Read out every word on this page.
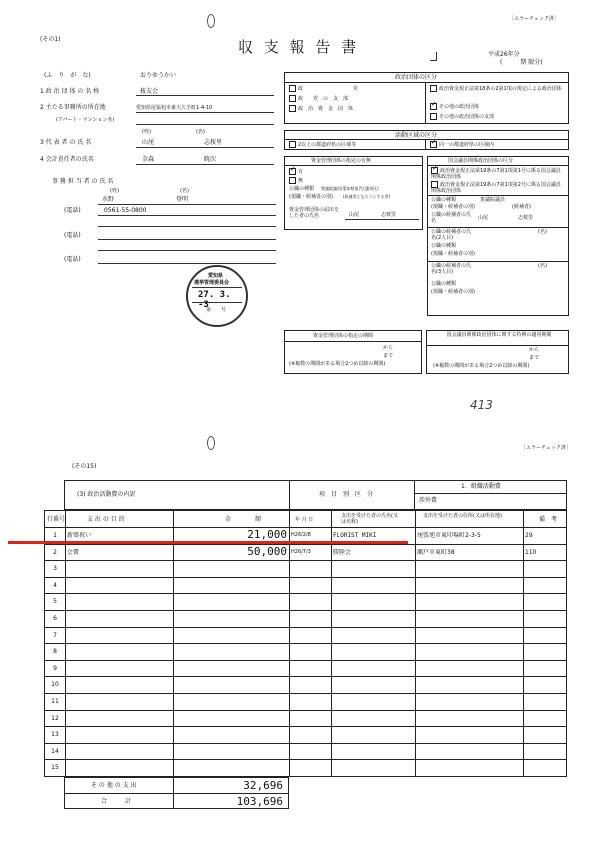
［エラーチェック済］
(その1)	収 支 報 告 書	平成26年分
(　　　期 限分)
(ふ　り　が　な)	おりゆうかい
1 政 治 団 体 の 名 称	桜友会
2 主たる事務所の所在地	愛知県尾張旭市東大久手町1-4-10
(アパート・マンション名)
(姓)	(名)
3 代 表 者 の 氏 名	山尾	志桜里
4 会計責任者の氏名	金森	暁次
事 務 担 当 者 の 氏 名
(姓)	(名)
水野	登明
(電話)	0561-55-0800
(電話)
(電話)
愛知県
選挙管理委員会
27. 3. -3
第　　号
政治団体の区分
政　　　　　　　　　　党
政　　党　の　支　部
政　治　資　金　団　体
政治資金規正法第18条の2第1項の規定による政治団体
✓ その他の政治団体
その他の政治団体の支部
活動区域の区分
2以上の都道府県の区域等	✓ 同一の都道府県の区域内
資金管理団体の指定の有無
✓ 有
無
公職の種類 衆議院議員(愛知県第7区選挙区)
(現職・候補者の別)	(候補者となろうとする者)
資金管理団体の届出をした者の氏名	山尾	志桜里
国会議員関係政治団体の区分
✓ 政治資金規正法第19条の7第1項第1号に係る国会議員関係政治団体
政治資金規正法第19条の7第1項第2号に係る国会議員関係政治団体
公職の種類	衆議院議員
(現職・候補者の別)	(候補者)
公職の候補者の氏名	山尾	志桜里
公職の候補者の氏名(2人目)
(名)
公職の種類
(現職・候補者の別)
公職の候補者の氏名(3人目)
(名)
公職の種類
(現職・候補者の別)
資金管理団体の指定の期間
から
まで
(※複数の期間がある場合2つめ以降の期間)
国会議員関係政治団体に関する特例の適用期間
から
まで
(※複数の期間がある場合2つめ以降の期間)
413
［エラーチェック済］
(その15)
(3) 政治活動費の内訳	項　目　別　区　分
1．組織活動費
渉外費
行番号	支 出 の 目 的	金　　　　額	年 月 日
支出を受けた者の氏名(又は名称)
支出を受けた者の住所(又は所在地)	備　考
1	新築祝い	21,000 H26/2/8	FLORIST MIKI	尾張旭市東印場町2-3-5	29
2	会費	50,000 H26/7/3	勝陸会	瀬戸市東町38	110
3
4
5
6
7
8
9
10
11
12
13
14
15
そ の 他 の 支 出	32,696
合　　　計	103,696
